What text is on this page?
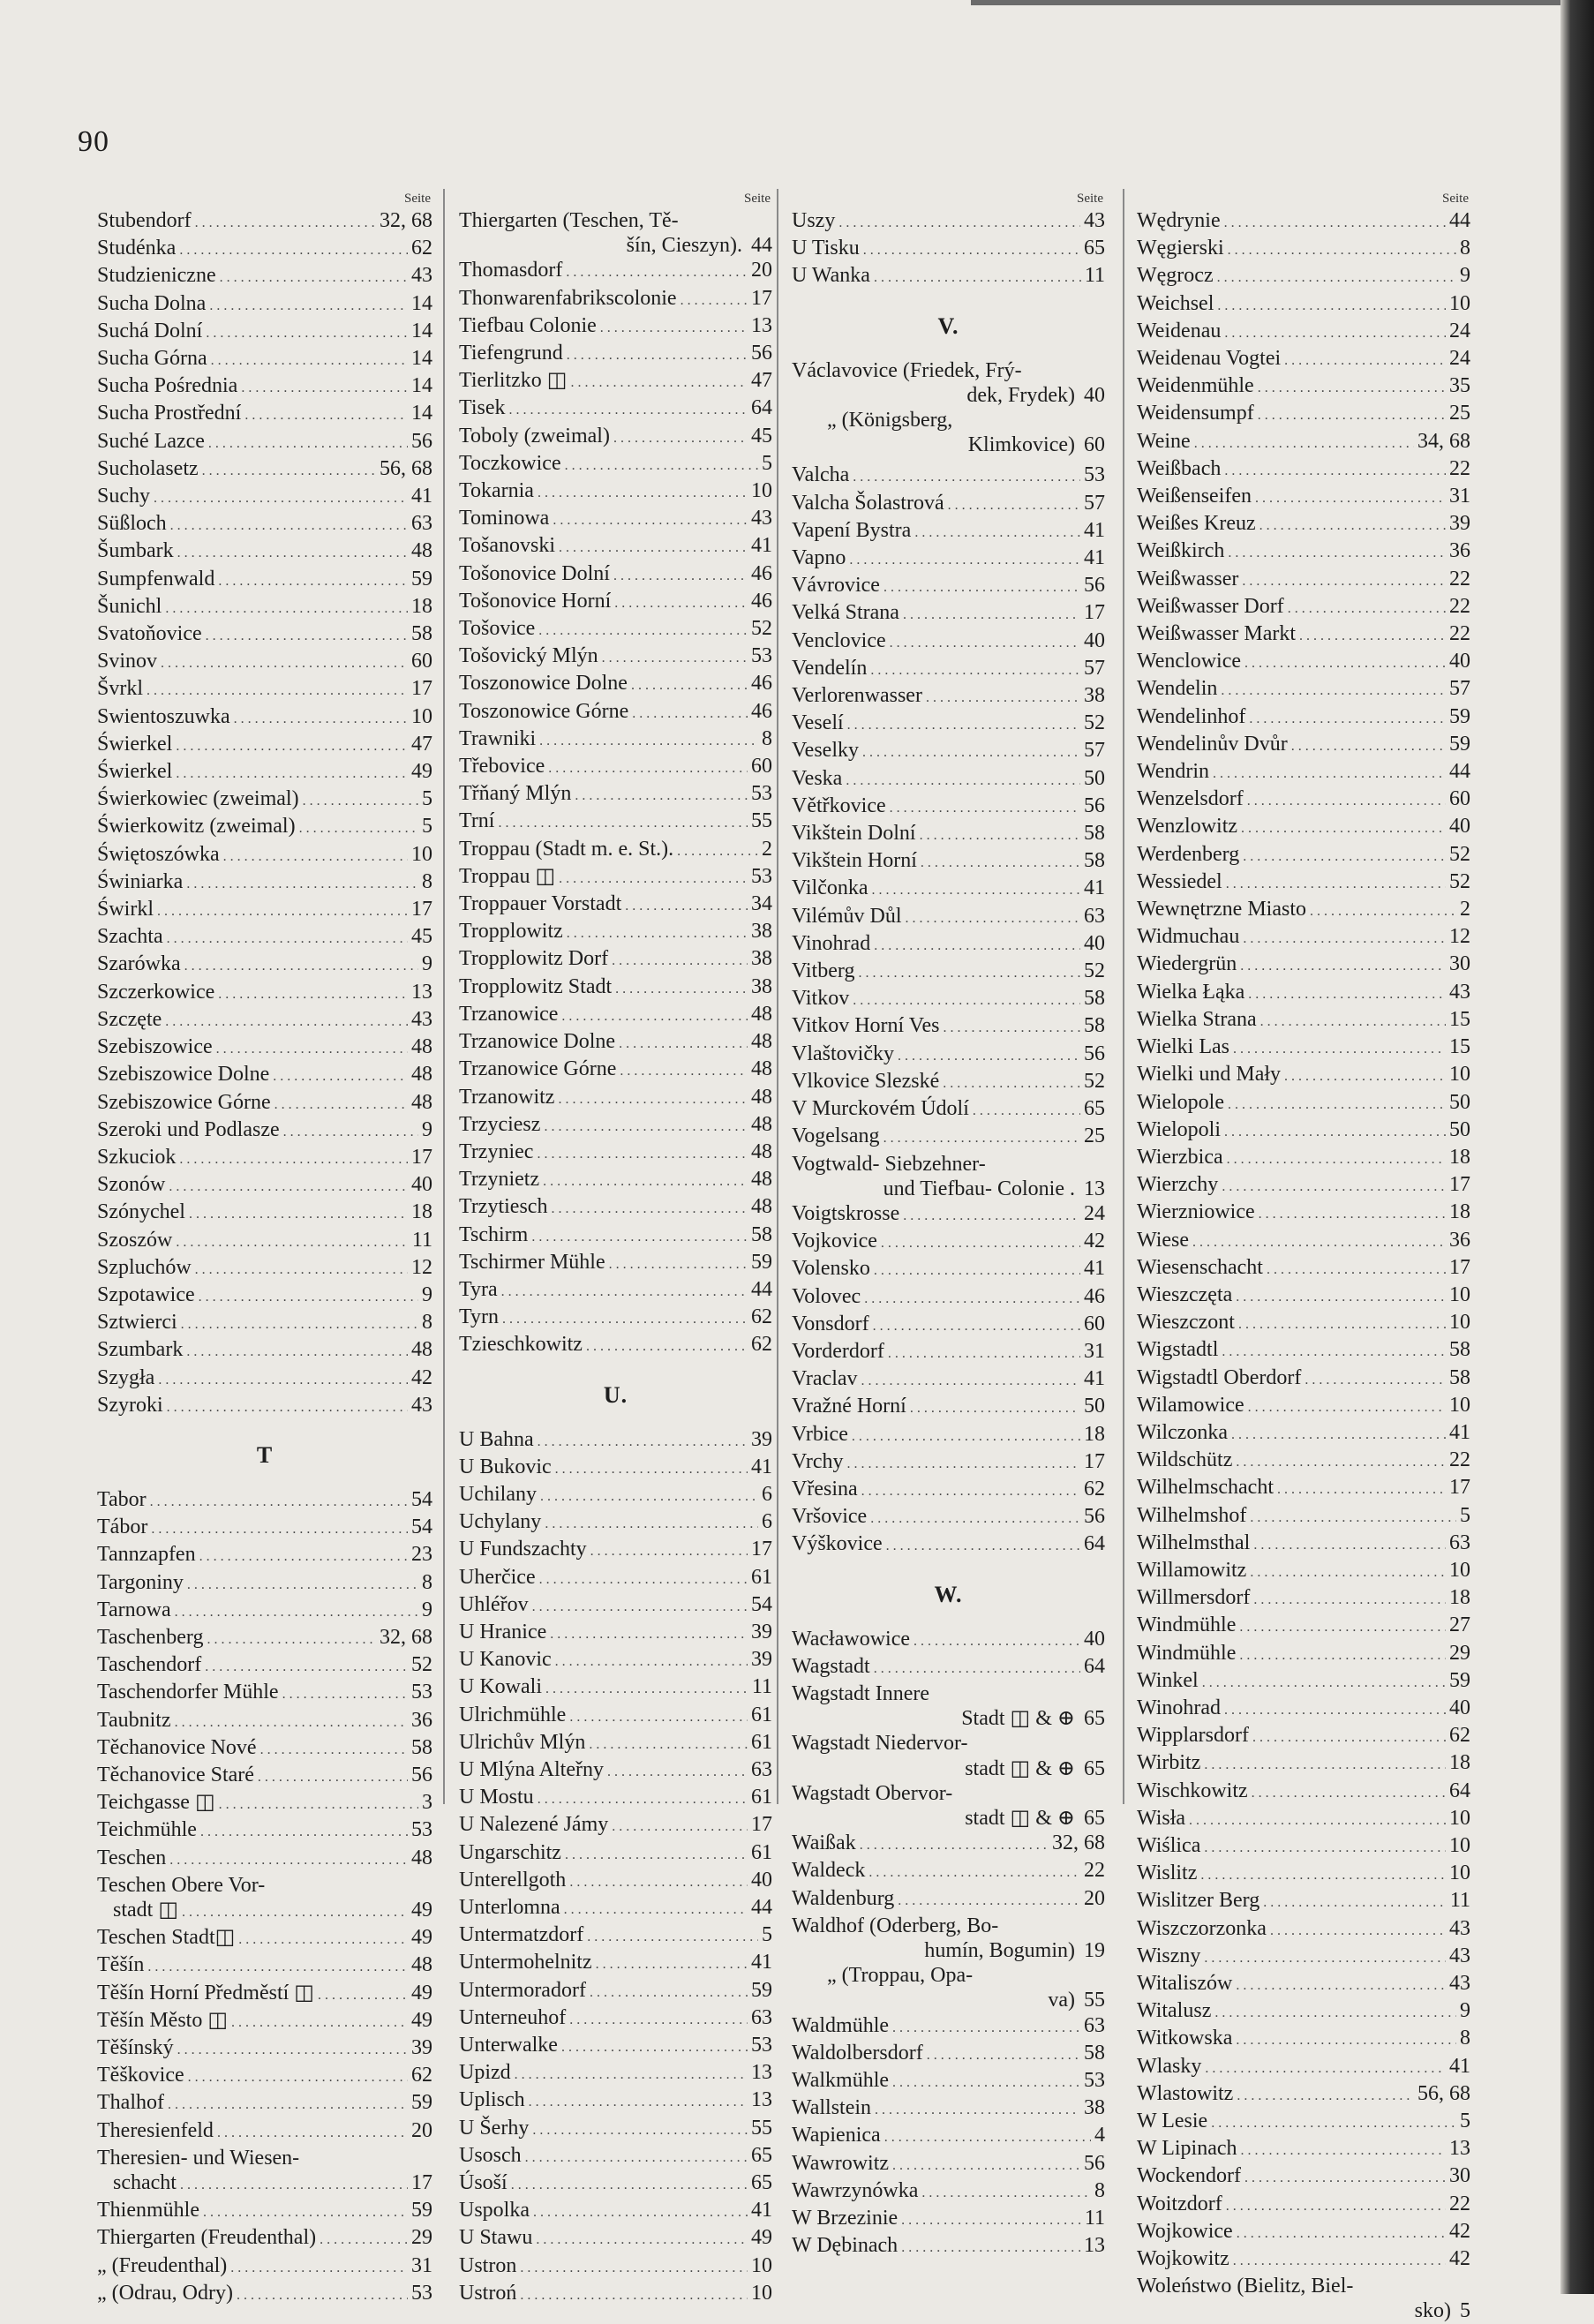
90
Seite
Stubendorf . . .	32, 68
Studénka . . .	62
Studzieniczne . . .	43
Sucha Dolna . . .	14
Suchá Dolní . . .	14
Sucha Górna . . .	14
Sucha Pośrednia . . .	14
Sucha Prostřední . . .	14
Suché Lazce . . .	56
Sucholasetz . . .	56, 68
Suchy . . .	41
Süßloch . . .	63
Šumbark . . .	48
Sumpfenwald . . .	59
Šunichl . . .	18
Svatoňovice . . .	58
Svinov . . .	60
Švrkl . . .	17
Swientoszuwka . . .	10
Świerkel . . .	47
Świerkel . . .	49
Świerkowiec (zweimal) . . .	5
Świerkowitz (zweimal) . . .	5
Świętoszówka . . .	10
Świniarka . . .	8
Świrkl . . .	17
Szachta . . .	45
Szarówka . . .	9
Szczerkowice . . .	13
Szczęte . . .	43
Szebiszowice . . .	48
Szebiszowice Dolne . . .	48
Szebiszowice Górne . . .	48
Szeroki und Podlasze . . .	9
Szkuciok . . .	17
Szonów . . .	40
Szónychel . . .	18
Szoszów . . .	11
Szpluchów . . .	12
Szpotawice . . .	9
Sztwierci . . .	8
Szumbark . . .	48
Szygła . . .	42
Szyroki . . .	43
T
Tabor . . .	54
Tábor . . .	54
Tannzapfen . . .	23
Targoniny . . .	8
Tarnowa . . .	9
Taschenberg . . .	32, 68
Taschendorf . . .	52
Taschendorfer Mühle . . .	53
Taubnitz . . .	36
Těchanovice Nové . . .	58
Těchanovice Staré . . .	56
Teichgasse ◫ . . .	3
Teichmühle . . .	53
Teschen . . .	48
Teschen Obere Vor-
stadt ◫ . . .	49
Teschen Stadt◫ . . .	49
Těšín . . .	48
Těšín Horní Předměstí ◫ . . .	49
Těšín Město ◫ . . .	49
Těšínský . . .	39
Těškovice . . .	62
Thalhof . . .	59
Theresienfeld . . .	20
Theresien- und Wiesen-
schacht . . .	17
Thienmühle . . .	59
Thiergarten (Freudenthal) . . .	29
„ (Freudenthal) . . .	31
„ (Odrau, Odry) . . .	53
Seite
Thiergarten (Teschen, Tě-
šín, Cieszyn). 44
Thomasdorf . . .	20
Thonwarenfabrikscolonie . . .	17
Tiefbau Colonie . . .	13
Tiefengrund . . .	56
Tierlitzko ◫ . . .	47
Tisek . . .	64
Toboly (zweimal) . . .	45
Toczkowice . . .	5
Tokarnia . . .	10
Tominowa . . .	43
Tošanovski . . .	41
Tošonovice Dolní . . .	46
Tošonovice Horní . . .	46
Tošovice . . .	52
Tošovický Mlýn . . .	53
Toszonowice Dolne . . .	46
Toszonowice Górne . . .	46
Trawniki . . .	8
Třebovice . . .	60
Třňaný Mlýn . . .	53
Trní . . .	55
Troppau (Stadt m. e. St.). . . .	2
Troppau ◫ . . .	53
Troppauer Vorstadt . . .	34
Tropplowitz . . .	38
Tropplowitz Dorf . . .	38
Tropplowitz Stadt . . .	38
Trzanowice . . .	48
Trzanowice Dolne . . .	48
Trzanowice Górne . . .	48
Trzanowitz . . .	48
Trzyciesz . . .	48
Trzyniec . . .	48
Trzynietz . . .	48
Trzytiesch . . .	48
Tschirm . . .	58
Tschirmer Mühle . . .	59
Tyra . . .	44
Tyrn . . .	62
Tzieschkowitz . . .	62
U.
U Bahna . . .	39
U Bukovic . . .	41
Uchilany . . .	6
Uchylany . . .	6
U Fundszachty . . .	17
Uherčice . . .	61
Uhléřov . . .	54
U Hranice . . .	39
U Kanovic . . .	39
U Kowali . . .	11
Ulrichmühle . . .	61
Ulrichův Mlýn . . .	61
U Mlýna Alteřny . . .	63
U Mostu . . .	61
U Nalezené Jámy . . .	17
Ungarschitz . . .	61
Unterellgoth . . .	40
Unterlomna . . .	44
Untermatzdorf . . .	5
Untermohelnitz . . .	41
Untermoradorf . . .	59
Unterneuhof . . .	63
Unterwalke . . .	53
Upizd . . .	13
Uplisch . . .	13
U Šerhy . . .	55
Usosch . . .	65
Úsoší . . .	65
Uspolka . . .	41
U Stawu . . .	49
Ustron . . .	10
Ustroń . . .	10
Seite
Uszy . . .	43
U Tisku . . .	65
U Wanka . . .	11
V.
Václavovice (Friedek, Frý-
dek, Frydek) 40
„ (Königsberg,
Klimkovice) 60
Valcha . . .	53
Valcha Šolastrová . . .	57
Vapení Bystra . . .	41
Vapno . . .	41
Vávrovice . . .	56
Velká Strana . . .	17
Venclovice . . .	40
Vendelín . . .	57
Verlorenwasser . . .	38
Veselí . . .	52
Veselky . . .	57
Veska . . .	50
Větřkovice . . .	56
Vikštein Dolní . . .	58
Vikštein Horní . . .	58
Vilčonka . . .	41
Vilémův Důl . . .	63
Vinohrad . . .	40
Vitberg . . .	52
Vitkov . . .	58
Vitkov Horní Ves . . .	58
Vlaštovičky . . .	56
Vlkovice Slezské . . .	52
V Murckovém Údolí . . .	65
Vogelsang . . .	25
Vogtwald- Siebzehner-
und Tiefbau- Colonie . 13
Voigtskrosse . . .	24
Vojkovice . . .	42
Volensko . . .	41
Volovec . . .	46
Vonsdorf . . .	60
Vorderdorf . . .	31
Vraclav . . .	41
Vražné Horní . . .	50
Vrbice . . .	18
Vrchy . . .	17
Vřesina . . .	62
Vršovice . . .	56
Výškovice . . .	64
W.
Wacławowice . . .	40
Wagstadt . . .	64
Wagstadt Innere
Stadt ◫ & ⊕ 65
Wagstadt Niedervor-
stadt ◫ & ⊕ 65
Wagstadt Obervor-
stadt ◫ & ⊕ 65
Waißak . . .	32, 68
Waldeck . . .	22
Waldenburg . . .	20
Waldhof (Oderberg, Bo-
humín, Bogumin) 19
„ (Troppau, Opa-
va) 55
Waldmühle . . .	63
Waldolbersdorf . . .	58
Walkmühle . . .	53
Wallstein . . .	38
Wapienica . . .	4
Wawrowitz . . .	56
Wawrzynówka . . .	8
W Brzezinie . . .	11
W Dębinach . . .	13
Seite
Wędrynie . . .	44
Węgierski . . .	8
Węgrocz . . .	9
Weichsel . . .	10
Weidenau . . .	24
Weidenau Vogtei . . .	24
Weidenmühle . . .	35
Weidensumpf . . .	25
Weine . . .	34, 68
Weißbach . . .	22
Weißenseifen . . .	31
Weißes Kreuz . . .	39
Weißkirch . . .	36
Weißwasser . . .	22
Weißwasser Dorf . . .	22
Weißwasser Markt . . .	22
Wenclowice . . .	40
Wendelin . . .	57
Wendelinhof . . .	59
Wendelinův Dvůr . . .	59
Wendrin . . .	44
Wenzelsdorf . . .	60
Wenzlowitz . . .	40
Werdenberg . . .	52
Wessiedel . . .	52
Wewnętrzne Miasto . . .	2
Widmuchau . . .	12
Wiedergrün . . .	30
Wielka Łąka . . .	43
Wielka Strana . . .	15
Wielki Las . . .	15
Wielki und Mały . . .	10
Wielopole . . .	50
Wielopoli . . .	50
Wierzbica . . .	18
Wierzchy . . .	17
Wierzniowice . . .	18
Wiese . . .	36
Wiesenschacht . . .	17
Wieszczęta . . .	10
Wieszczont . . .	10
Wigstadtl . . .	58
Wigstadtl Oberdorf . . .	58
Wilamowice . . .	10
Wilczonka . . .	41
Wildschütz . . .	22
Wilhelmschacht . . .	17
Wilhelmshof . . .	5
Wilhelmsthal . . .	63
Willamowitz . . .	10
Willmersdorf . . .	18
Windmühle . . .	27
Windmühle . . .	29
Winkel . . .	59
Winohrad . . .	40
Wipplarsdorf . . .	62
Wirbitz . . .	18
Wischkowitz . . .	64
Wisła . . .	10
Wiślica . . .	10
Wislitz . . .	10
Wislitzer Berg . . .	11
Wiszczorzonka . . .	43
Wiszny . . .	43
Witaliszów . . .	43
Witalusz . . .	9
Witkowska . . .	8
Wlasky . . .	41
Wlastowitz . . .	56, 68
W Lesie . . .	5
W Lipinach . . .	13
Wockendorf . . .	30
Woitzdorf . . .	22
Wojkowice . . .	42
Wojkowitz . . .	42
Woleństwo (Bielitz, Biel-
sko) 5
